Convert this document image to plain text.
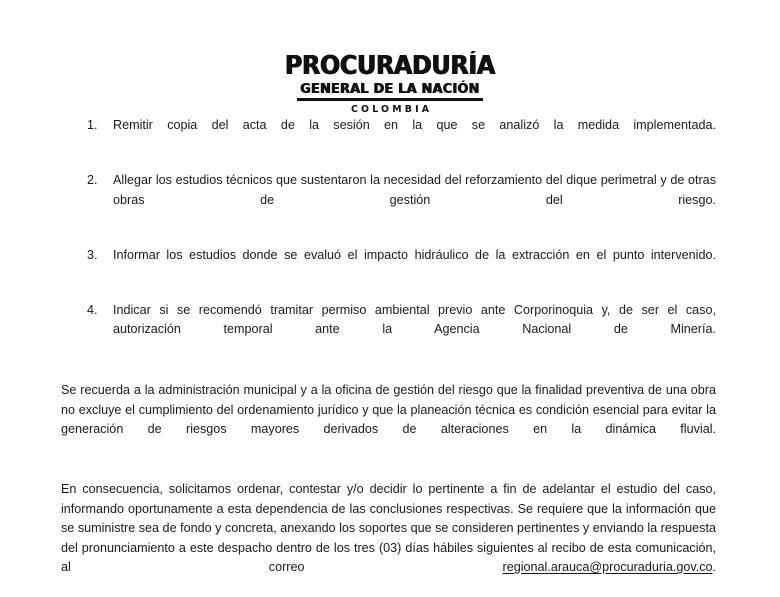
PROCURADURÍA
GENERAL DE LA NACIÓN
COLOMBIA
1. Remitir copia del acta de la sesión en la que se analizó la medida implementada.
2. Allegar los estudios técnicos que sustentaron la necesidad del reforzamiento del dique perimetral y de otras obras de gestión del riesgo.
3. Informar los estudios donde se evaluó el impacto hidráulico de la extracción en el punto intervenido.
4. Indicar si se recomendó tramitar permiso ambiental previo ante Corporinoquia y, de ser el caso, autorización temporal ante la Agencia Nacional de Minería.

Se recuerda a la administración municipal y a la oficina de gestión del riesgo que la finalidad preventiva de una obra no excluye el cumplimiento del ordenamiento jurídico y que la planeación técnica es condición esencial para evitar la generación de riesgos mayores derivados de alteraciones en la dinámica fluvial.

En consecuencia, solicitamos ordenar, contestar y/o decidir lo pertinente a fin de adelantar el estudio del caso, informando oportunamente a esta dependencia de las conclusiones respectivas. Se requiere que la información que se suministre sea de fondo y concreta, anexando los soportes que se consideren pertinentes y enviando la respuesta del pronunciamiento a este despacho dentro de los tres (03) días hábiles siguientes al recibo de esta comunicación, al correo regional.arauca@procuraduria.gov.co.
